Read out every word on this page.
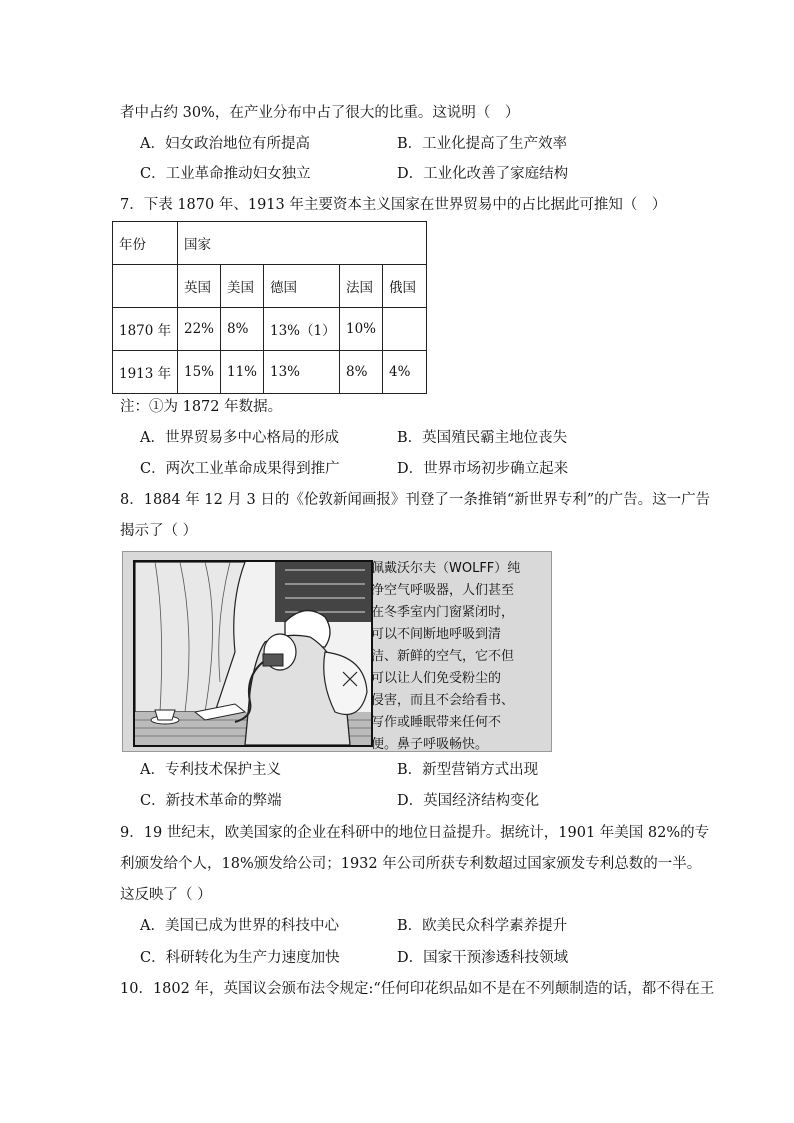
者中占约 30%，在产业分布中占了很大的比重。这说明（　）
A．妇女政治地位有所提高	B．工业化提高了生产效率
C．工业革命推动妇女独立	D．工业化改善了家庭结构
7．下表 1870 年、1913 年主要资本主义国家在世界贸易中的占比据此可推知（　）
年份	国家				
	英国	美国	德国	法国	俄国
1870 年	22%	8%	13%（1）	10%	
1913 年	15%	11%	13%	8%	4%
注：①为 1872 年数据。
A．世界贸易多中心格局的形成	B．英国殖民霸主地位丧失
C．两次工业革命成果得到推广	D．世界市场初步确立起来
8．1884 年 12 月 3 日的《伦敦新闻画报》刊登了一条推销“新世界专利”的广告。这一广告
揭示了（ ）
佩戴沃尔夫（WOLFF）纯
净空气呼吸器，人们甚至
在冬季室内门窗紧闭时，
可以不间断地呼吸到清
洁、新鲜的空气，它不但
可以让人们免受粉尘的
侵害，而且不会给看书、
写作或睡眠带来任何不
便。鼻子呼吸畅快。
A．专利技术保护主义	B．新型营销方式出现
C．新技术革命的弊端	D．英国经济结构变化
9．19 世纪末，欧美国家的企业在科研中的地位日益提升。据统计，1901 年美国 82%的专
利颁发给个人，18%颁发给公司；1932 年公司所获专利数超过国家颁发专利总数的一半。
这反映了（ ）
A．美国已成为世界的科技中心	B．欧美民众科学素养提升
C．科研转化为生产力速度加快	D．国家干预渗透科技领域
10．1802 年，英国议会颁布法令规定:“任何印花织品如不是在不列颠制造的话，都不得在王
